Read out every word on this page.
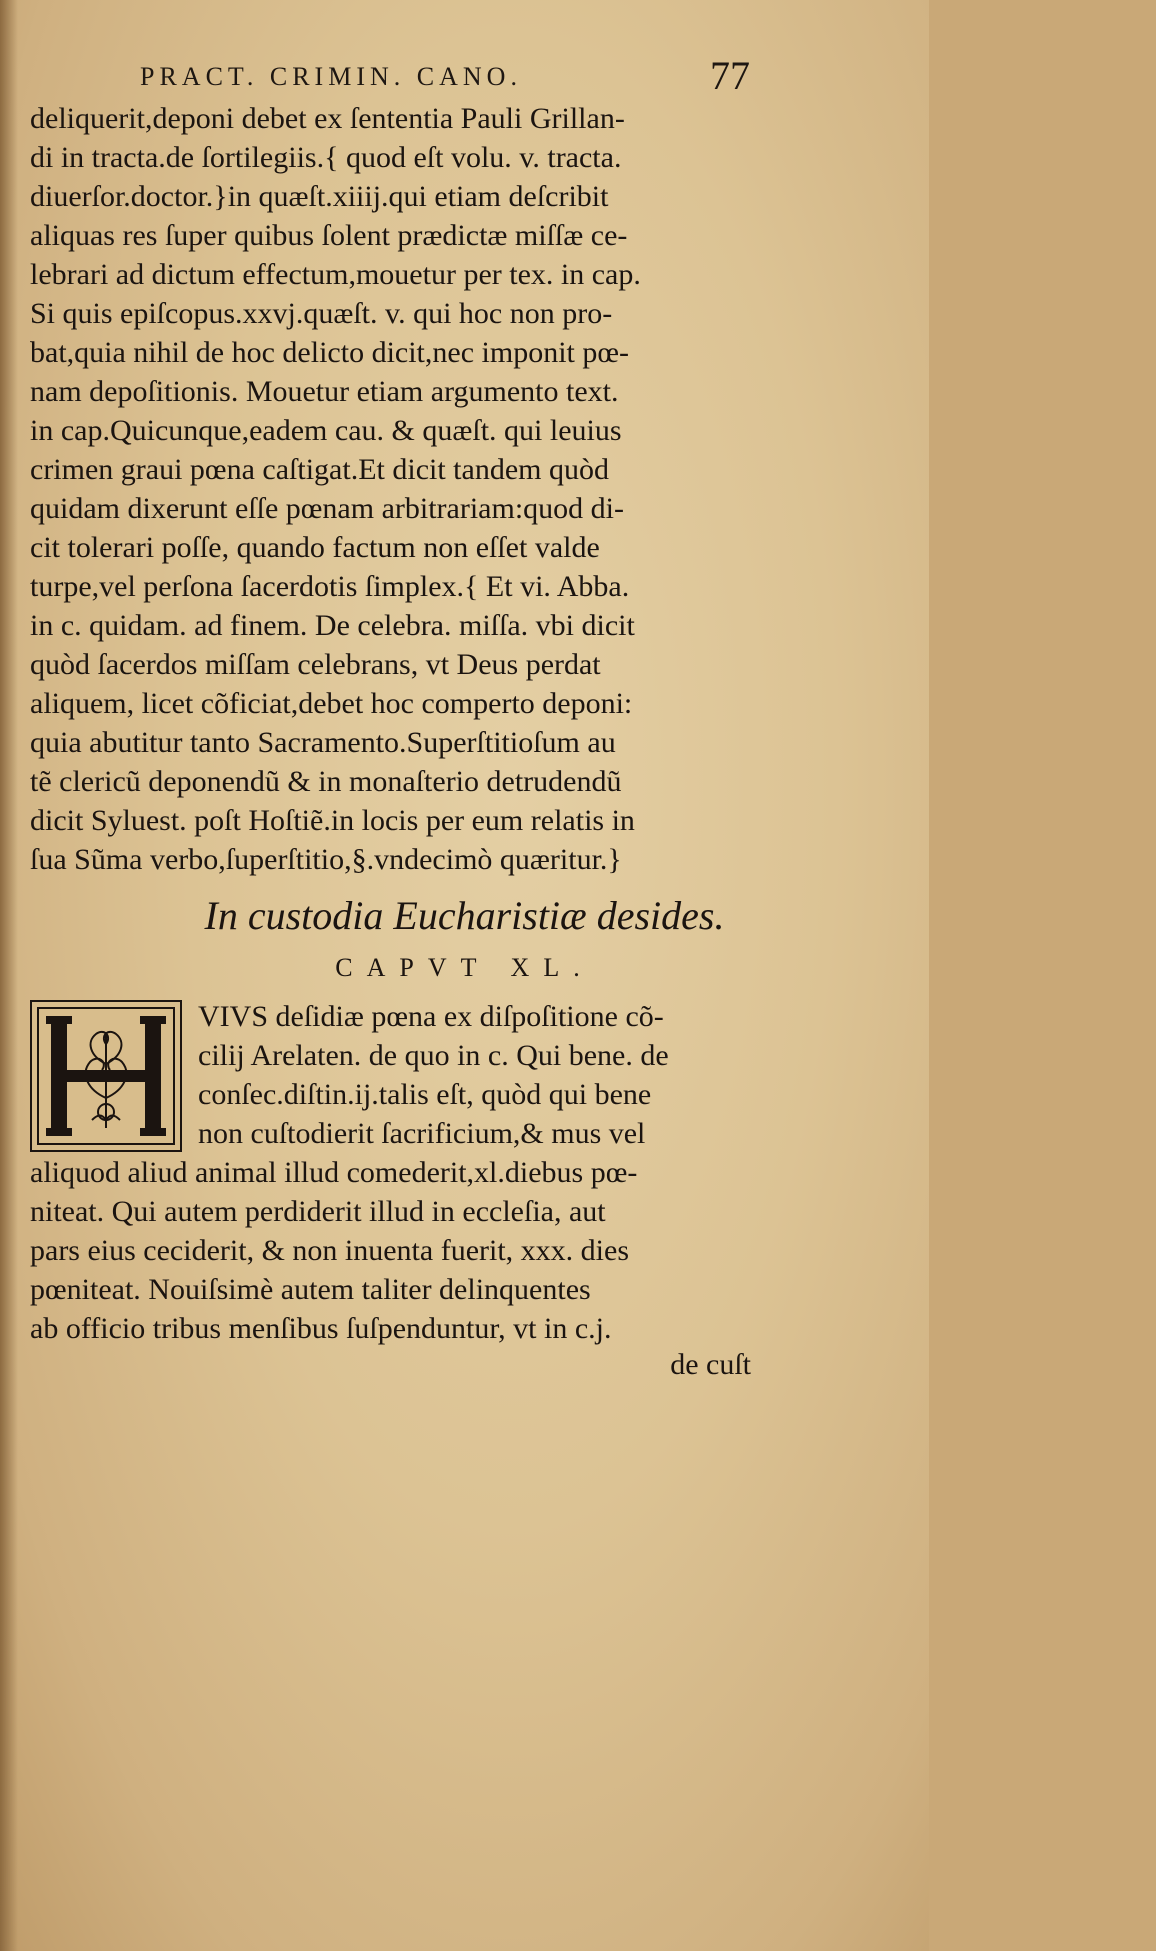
PRACT. CRIMIN. CANO.	77
deliquerit,deponi debet ex ſententia Pauli Grillan-
di in tracta.de ſortilegiis.{ quod eſt volu. v. tracta.
diuerſor.doctor.}in quæſt.xiiij.qui etiam deſcribit
aliquas res ſuper quibus ſolent prædictæ miſſæ ce-
lebrari ad dictum effectum,mouetur per tex. in cap.
Si quis epiſcopus.xxvj.quæſt. v. qui hoc non pro-
bat,quia nihil de hoc delicto dicit,nec imponit pœ-
nam depoſitionis. Mouetur etiam argumento text.
in cap.Quicunque,eadem cau. & quæſt. qui leuius
crimen graui pœna caſtigat.Et dicit tandem quòd
quidam dixerunt eſſe pœnam arbitrariam:quod di-
cit tolerari poſſe, quando factum non eſſet valde
turpe,vel perſona ſacerdotis ſimplex.{ Et vi. Abba.
in c. quidam. ad finem. De celebra. miſſa. vbi dicit
quòd ſacerdos miſſam celebrans, vt Deus perdat
aliquem, licet cõficiat,debet hoc comperto deponi:
quia abutitur tanto Sacramento.Superſtitioſum au
tẽ clericũ deponendũ & in monaſterio detrudendũ
dicit Syluest. poſt Hoſtiẽ.in locis per eum relatis in
ſua Sũma verbo,ſuperſtitio,§.vndecimò quæritur.}
In custodia Eucharistiæ desides.
CAPVT XL.
VIVS deſidiæ pœna ex diſpoſitione cõ-
cilij Arelaten. de quo in c. Qui bene. de
conſec.diſtin.ij.talis eſt, quòd qui bene
non cuſtodierit ſacrificium,& mus vel
aliquod aliud animal illud comederit,xl.diebus pœ-
niteat. Qui autem perdiderit illud in eccleſia, aut
pars eius ceciderit, & non inuenta fuerit, xxx. dies
pœniteat. Nouiſsimè autem taliter delinquentes
ab officio tribus menſibus ſuſpenduntur, vt in c.j.
de cuſt
